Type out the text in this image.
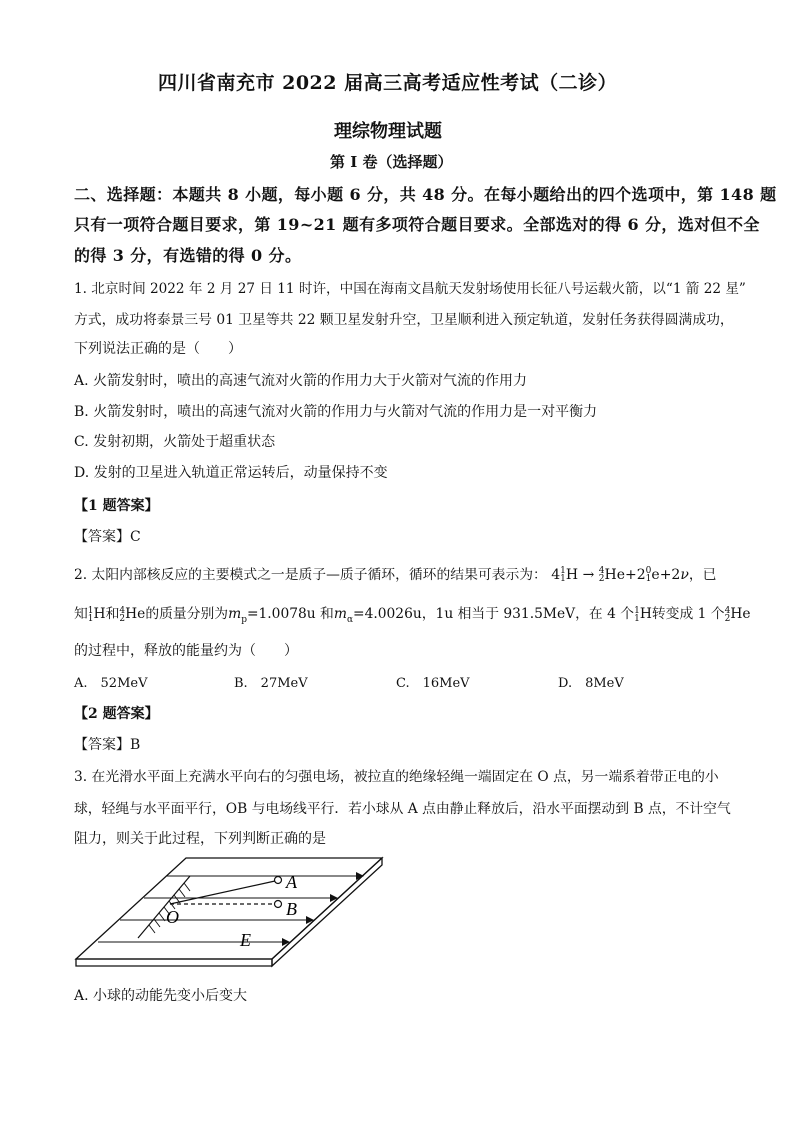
四川省南充市 2022 届高三高考适应性考试（二诊）
理综物理试题
第 I 卷（选择题）
二、选择题：本题共 8 小题，每小题 6 分，共 48 分。在每小题给出的四个选项中，第 148 题
只有一项符合题目要求，第 19~21 题有多项符合题目要求。全部选对的得 6 分，选对但不全
的得 3 分，有选错的得 0 分。
1. 北京时间 2022 年 2 月 27 日 11 时许，中国在海南文昌航天发射场使用长征八号运载火箭，以“1 箭 22 星”
方式，成功将泰景三号 01 卫星等共 22 颗卫星发射升空，卫星顺利进入预定轨道，发射任务获得圆满成功，
下列说法正确的是（　　）
A. 火箭发射时，喷出的高速气流对火箭的作用力大于火箭对气流的作用力
B. 火箭发射时，喷出的高速气流对火箭的作用力与火箭对气流的作用力是一对平衡力
C. 发射初期，火箭处于超重状态
D. 发射的卫星进入轨道正常运转后，动量保持不变
【1 题答案】
【答案】C
2. 太阳内部核反应的主要模式之一是质子—质子循环，循环的结果可表示为： 41
1H → 4
2He+20
1e+2ν，已
知1
1H和4
2He的质量分别为$m_p=1.0078u$ 和$m_\alpha=4.0026u$，1u 相当于 931.5MeV，在 4 个1
1H转变成 1 个4
2He
的过程中，释放的能量约为（　　）
A.　52MeV	B.　27MeV	C.　16MeV	D.　8MeV
【2 题答案】
【答案】B
3. 在光滑水平面上充满水平向右的匀强电场，被拉直的绝缘轻绳一端固定在 O 点，另一端系着带正电的小
球，轻绳与水平面平行，OB 与电场线平行．若小球从 A 点由静止释放后，沿水平面摆动到 B 点，不计空气
阻力，则关于此过程，下列判断正确的是
A
B
O
E
A. 小球的动能先变小后变大
